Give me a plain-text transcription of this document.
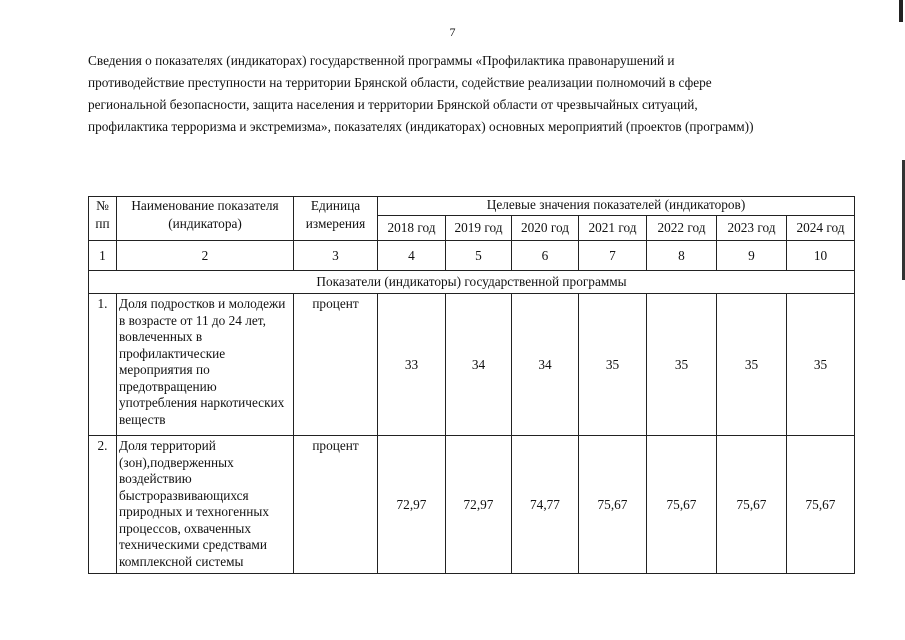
7
Сведения о показателях (индикаторах) государственной программы «Профилактика правонарушений и
противодействие преступности на территории Брянской области, содействие реализации полномочий в сфере
региональной безопасности, защита населения и территории Брянской области от чрезвычайных ситуаций,
профилактика терроризма и экстремизма», показателях (индикаторах) основных мероприятий (проектов (программ))
№ пп	Наименование показателя (индикатора)	Единица измерения	Целевые значения показателей (индикаторов)						
			2018 год	2019 год	2020 год	2021 год	2022 год	2023 год	2024 год
1	2	3	4	5	6	7	8	9	10
Показатели (индикаторы) государственной программы									
1.	Доля подростков и молодежи в возрасте от 11 до 24 лет, вовлеченных в профилактические мероприятия по предотвращению употребления наркотических веществ	процент	33	34	34	35	35	35	35
2.	Доля территорий (зон),подверженных воздействию быстроразвивающихся природных и техногенных процессов, охваченных техническими средствами комплексной системы	процент	72,97	72,97	74,77	75,67	75,67	75,67	75,67
